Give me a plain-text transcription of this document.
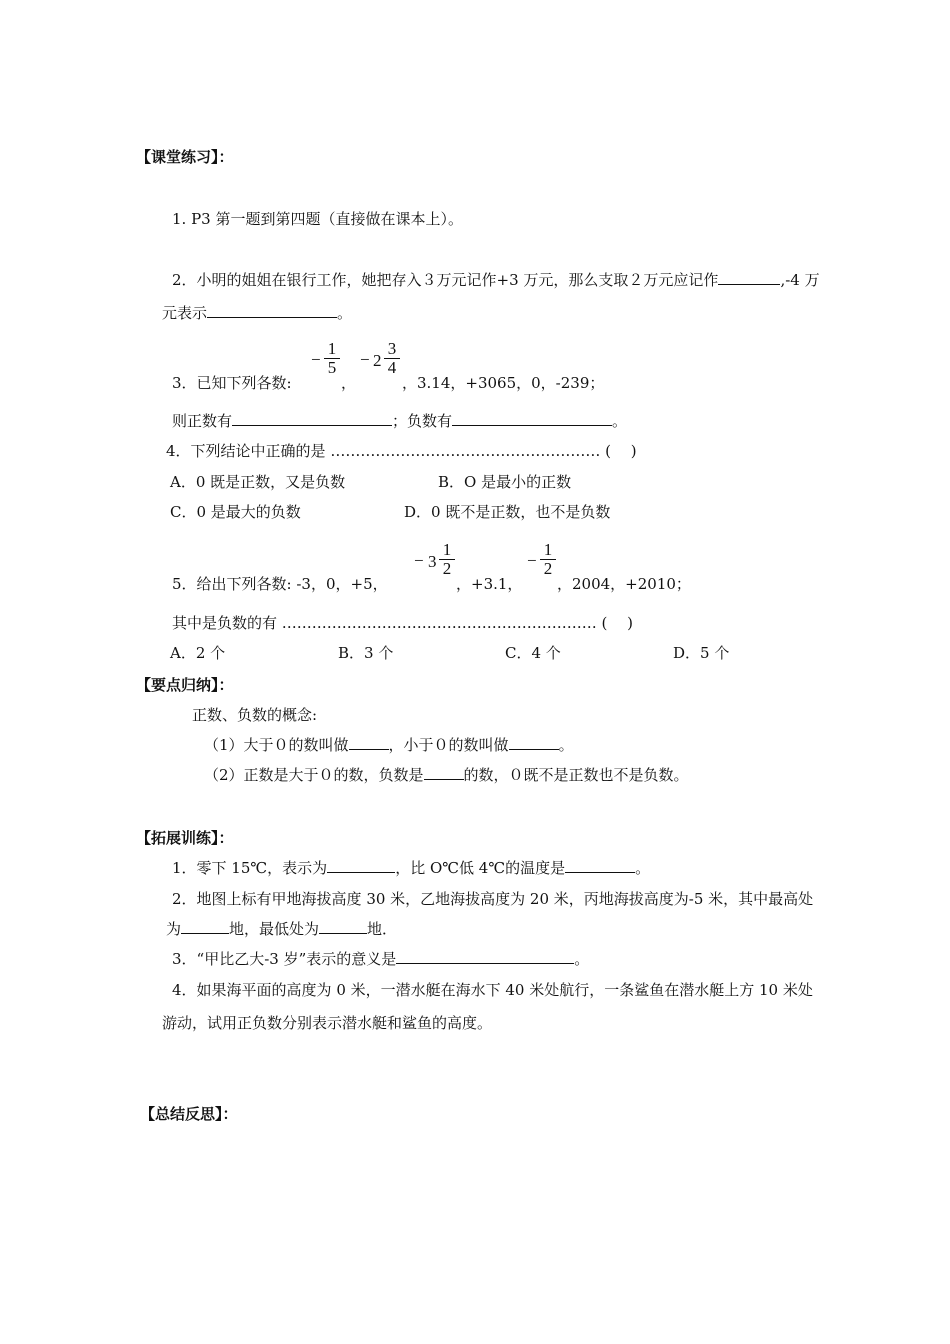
【课堂练习】：
1. P3 第一题到第四题（直接做在课本上）。
2．小明的姐姐在银行工作，她把存入３万元记作+3 万元，那么支取２万元应记作	,-4 万
元表示	。
3．已知下列各数:
−
1
5
，
− 2
3
4
，3.14，+3065，0，-239；
则正数有	；负数有	。
4．下列结论中正确的是 ……………………………………………… (　 )
A．0 既是正数，又是负数	B．O 是最小的正数
C．0 是最大的负数	D．0 既不是正数，也不是负数
5．给出下列各数: -3，0，+5，
− 3
1
2
，+3.1，
−
1
2
，2004，+2010；
其中是负数的有 ……………………………………………………… (　 )
A．2 个	B．3 个	C．4 个	D．5 个
【要点归纳】：
正数、负数的概念:
（1）大于０的数叫做	，小于０的数叫做	。
（2）正数是大于０的数，负数是	的数，０既不是正数也不是负数。
【拓展训练】：
1．零下 15℃，表示为	，比 O℃低 4℃的温度是	。
2．地图上标有甲地海拔高度 30 米，乙地海拔高度为 20 米，丙地海拔高度为-5 米，其中最高处
为	地，最低处为	地．
3．“甲比乙大-3 岁”表示的意义是	。
4．如果海平面的高度为 0 米，一潜水艇在海水下 40 米处航行，一条鲨鱼在潜水艇上方 10 米处
游动，试用正负数分别表示潜水艇和鲨鱼的高度。
【总结反思】：
